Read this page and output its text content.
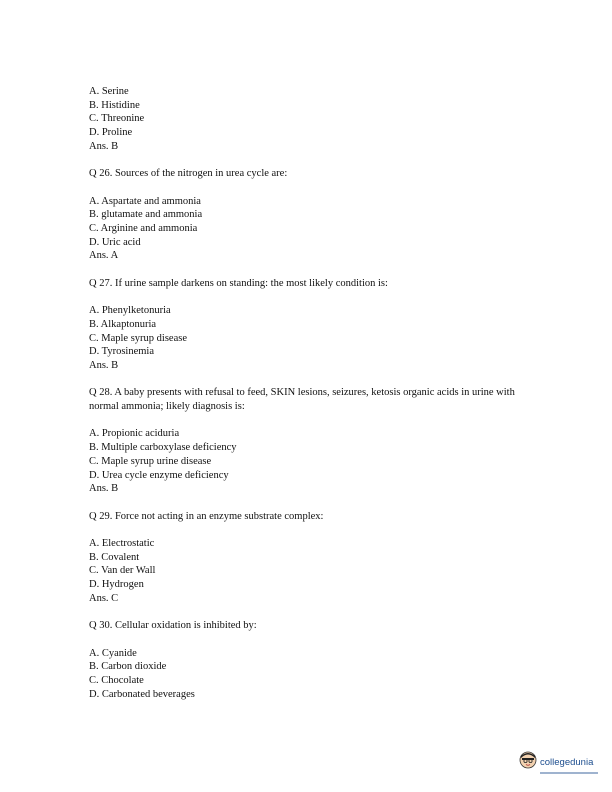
A. Serine
B. Histidine
C. Threonine
D. Proline
Ans. B
Q 26. Sources of the nitrogen in urea cycle are:
A. Aspartate and ammonia
B. glutamate and ammonia
C. Arginine and ammonia
D. Uric acid
Ans. A
Q 27. If urine sample darkens on standing: the most likely condition is:
A. Phenylketonuria
B. Alkaptonuria
C. Maple syrup disease
D. Tyrosinemia
Ans. B
Q 28. A baby presents with refusal to feed, SKIN lesions, seizures, ketosis organic acids in urine with normal ammonia; likely diagnosis is:
A. Propionic aciduria
B. Multiple carboxylase deficiency
C. Maple syrup urine disease
D. Urea cycle enzyme deficiency
Ans. B
Q 29. Force not acting in an enzyme substrate complex:
A. Electrostatic
B. Covalent
C. Van der Wall
D. Hydrogen
Ans. C
Q 30. Cellular oxidation is inhibited by:
A. Cyanide
B. Carbon dioxide
C. Chocolate
D. Carbonated beverages
collegedunia
